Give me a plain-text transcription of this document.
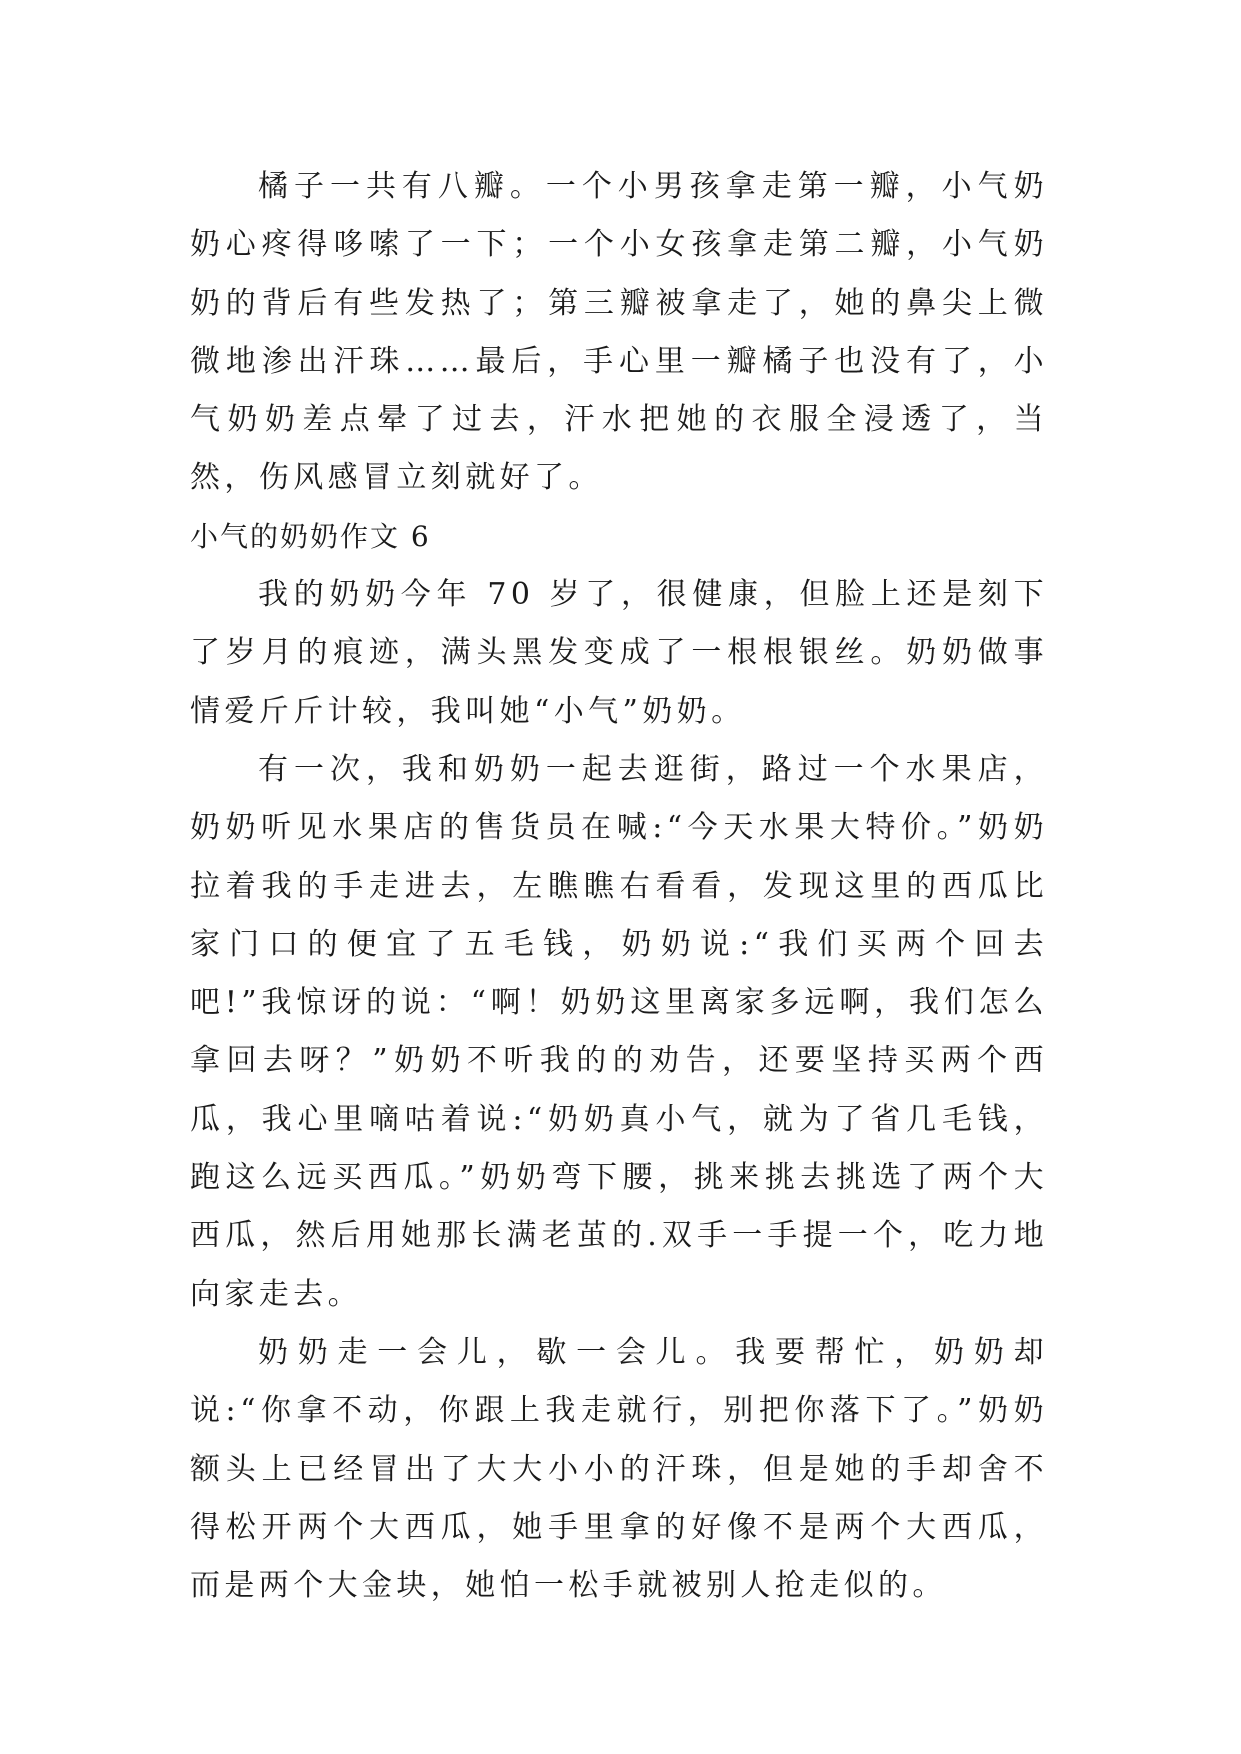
橘子一共有八瓣。一个小男孩拿走第一瓣，小气奶奶心疼得哆嗦了一下；一个小女孩拿走第二瓣，小气奶奶的背后有些发热了；第三瓣被拿走了，她的鼻尖上微微地渗出汗珠……最后，手心里一瓣橘子也没有了，小气奶奶差点晕了过去，汗水把她的衣服全浸透了，当然，伤风感冒立刻就好了。

小气的奶奶作文 6

我的奶奶今年 70 岁了，很健康，但脸上还是刻下了岁月的痕迹，满头黑发变成了一根根银丝。奶奶做事情爱斤斤计较，我叫她“小气”奶奶。

有一次，我和奶奶一起去逛街，路过一个水果店，奶奶听见水果店的售货员在喊:“今天水果大特价。”奶奶拉着我的手走进去，左瞧瞧右看看，发现这里的西瓜比家门口的便宜了五毛钱，奶奶说:“我们买两个回去吧!”我惊讶的说：“啊！奶奶这里离家多远啊，我们怎么拿回去呀？”奶奶不听我的的劝告，还要坚持买两个西瓜，我心里嘀咕着说:“奶奶真小气，就为了省几毛钱，跑这么远买西瓜。”奶奶弯下腰，挑来挑去挑选了两个大西瓜，然后用她那长满老茧的.双手一手提一个，吃力地向家走去。

奶奶走一会儿，歇一会儿。我要帮忙，奶奶却说:“你拿不动，你跟上我走就行，别把你落下了。”奶奶额头上已经冒出了大大小小的汗珠，但是她的手却舍不得松开两个大西瓜，她手里拿的好像不是两个大西瓜，而是两个大金块，她怕一松手就被别人抢走似的。
